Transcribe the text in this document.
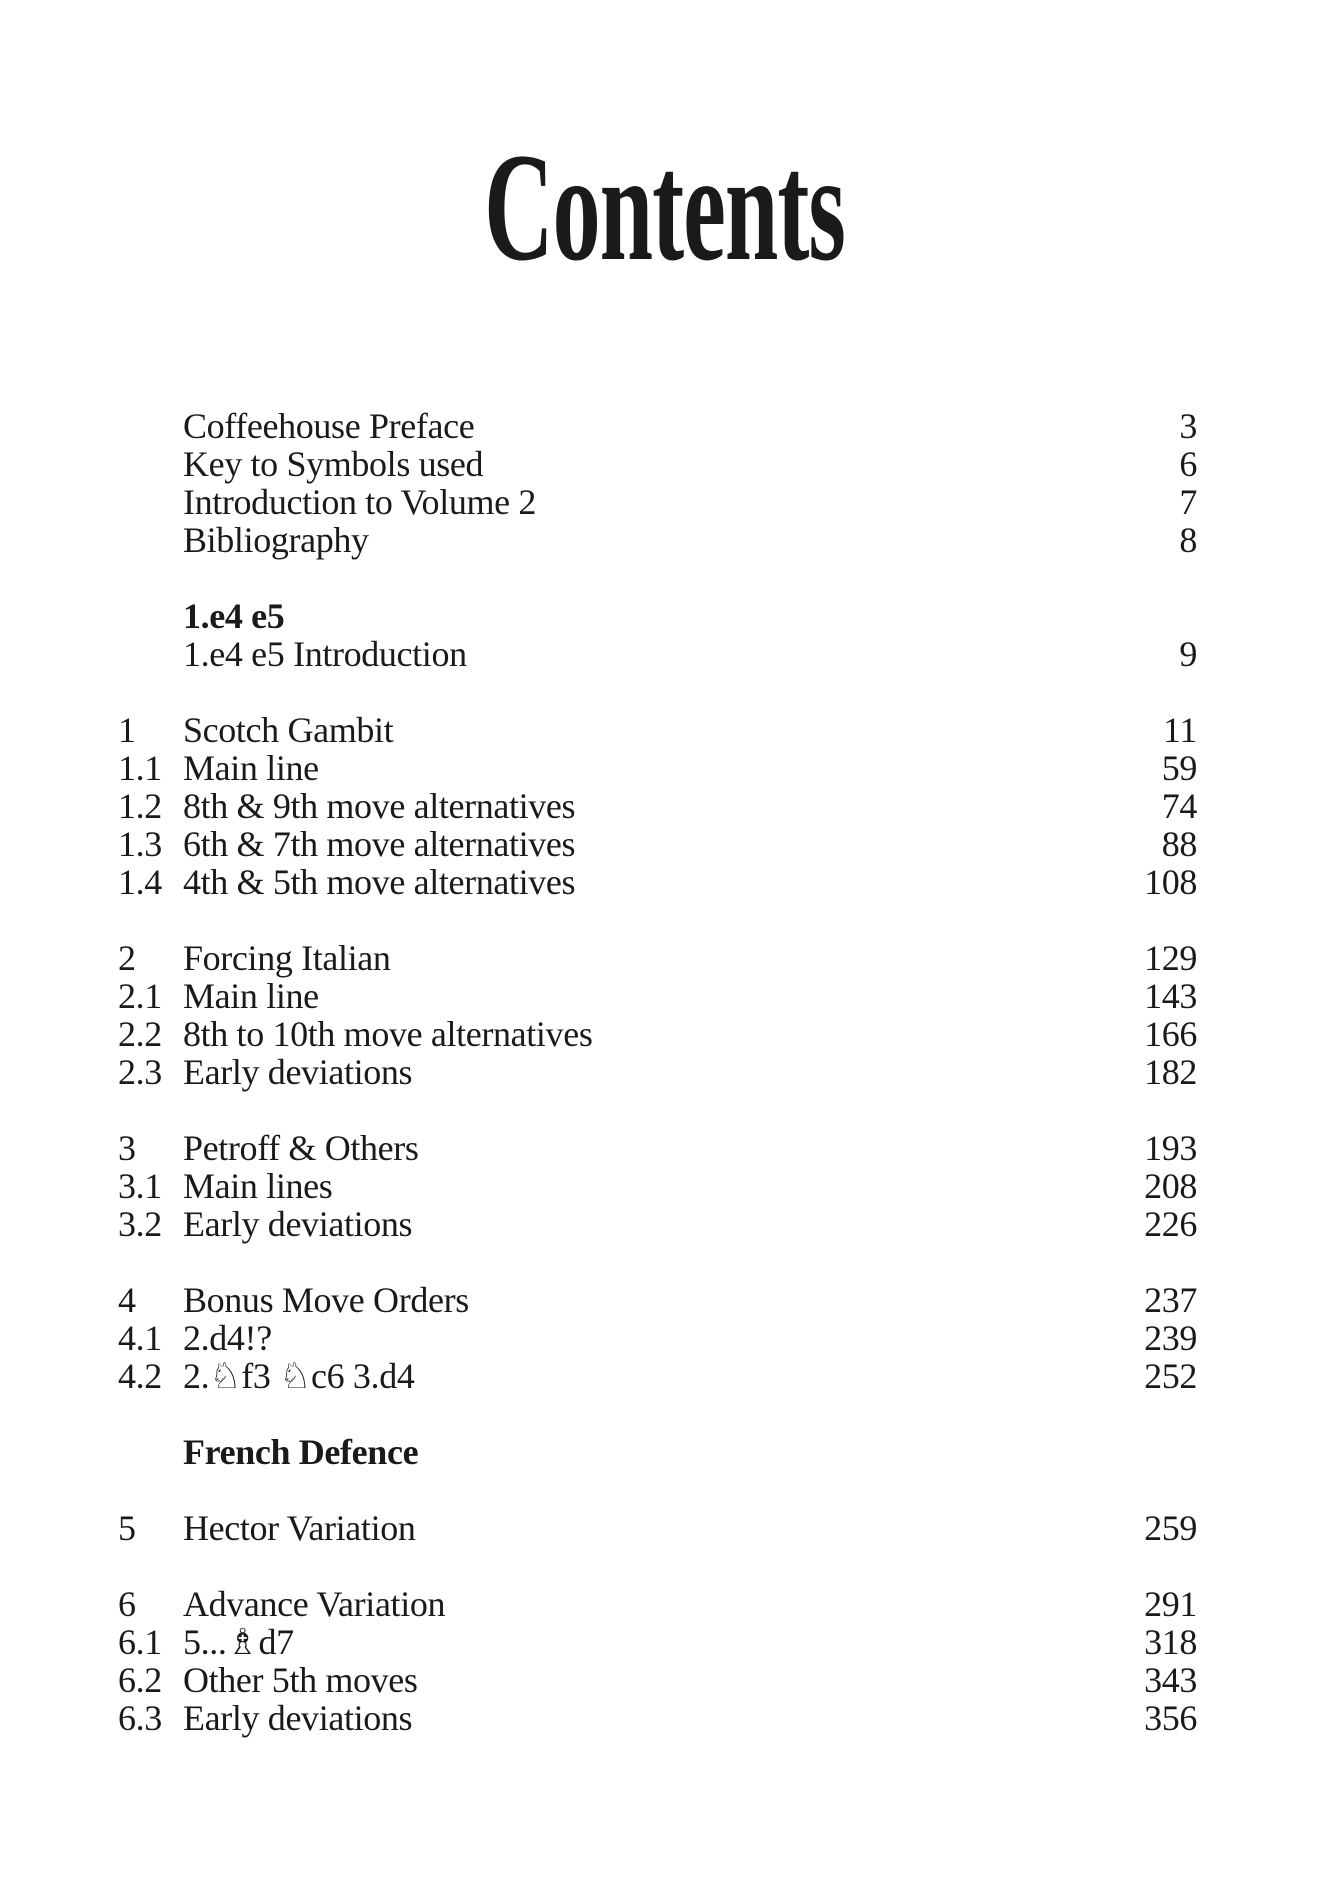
Contents
Coffeehouse Preface	3
Key to Symbols used	6
Introduction to Volume 2	7
Bibliography	8
1.e4 e5
1.e4 e5 Introduction	9
1	Scotch Gambit	11
1.1 Main line	59
1.2 8th & 9th move alternatives	74
1.3 6th & 7th move alternatives	88
1.4 4th & 5th move alternatives	108
2	Forcing Italian	129
2.1 Main line	143
2.2 8th to 10th move alternatives	166
2.3 Early deviations	182
3	Petroff & Others	193
3.1 Main lines	208
3.2 Early deviations	226
4	Bonus Move Orders	237
4.1 2.d4!?	239
4.2 2.♘f3 ♘c6 3.d4	252
French Defence
5	Hector Variation	259
6	Advance Variation	291
6.1 5...♗d7	318
6.2 Other 5th moves	343
6.3 Early deviations	356
